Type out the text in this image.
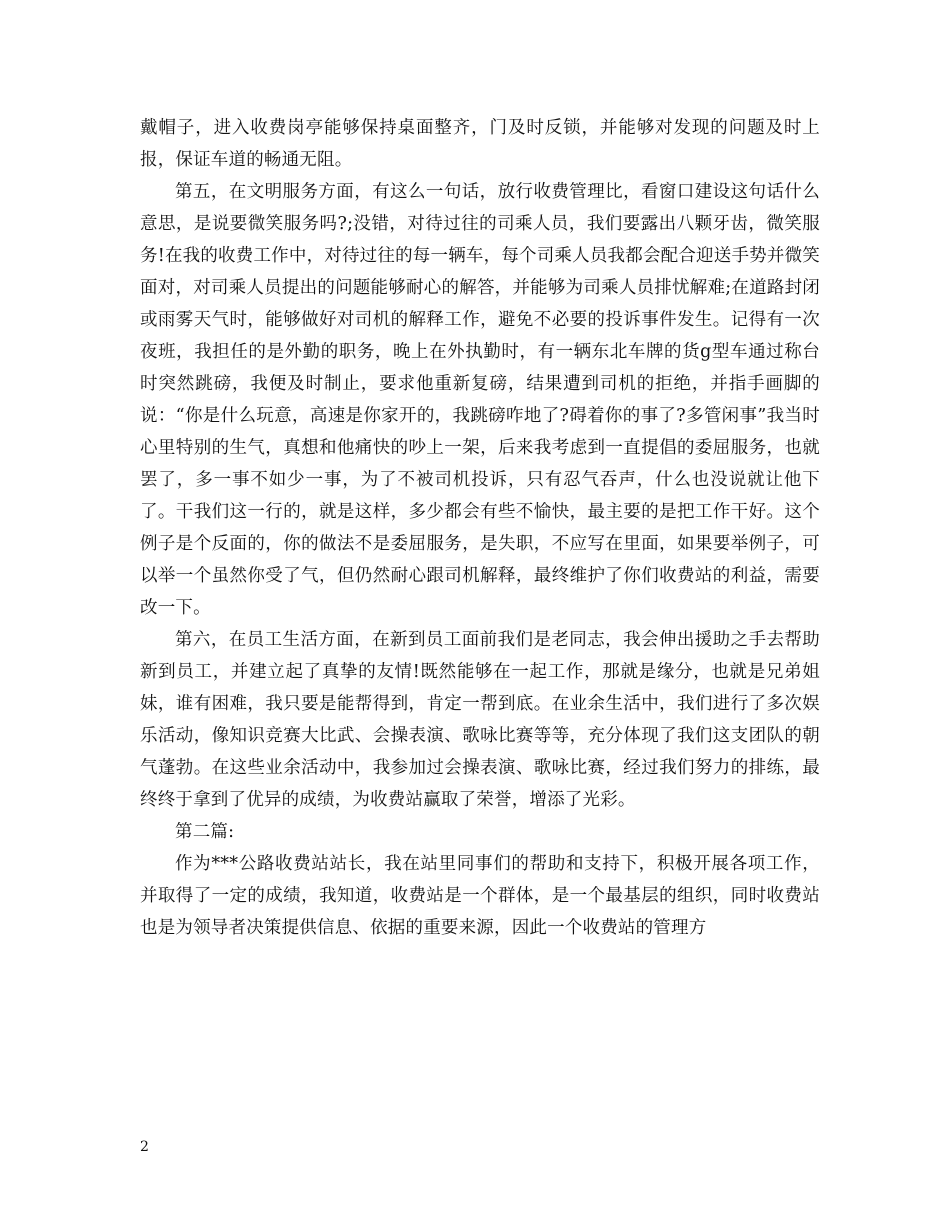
戴帽子，进入收费岗亭能够保持桌面整齐，门及时反锁，并能够对发现的问题及时上报，保证车道的畅通无阻。

第五，在文明服务方面，有这么一句话，放行收费管理比，看窗口建设这句话什么意思，是说要微笑服务吗?;没错，对待过往的司乘人员，我们要露出八颗牙齿，微笑服务!在我的收费工作中，对待过往的每一辆车，每个司乘人员我都会配合迎送手势并微笑面对，对司乘人员提出的问题能够耐心的解答，并能够为司乘人员排忧解难;在道路封闭或雨雾天气时，能够做好对司机的解释工作，避免不必要的投诉事件发生。记得有一次夜班，我担任的是外勤的职务，晚上在外执勤时，有一辆东北车牌的货g型车通过称台时突然跳磅，我便及时制止，要求他重新复磅，结果遭到司机的拒绝，并指手画脚的说：“你是什么玩意，高速是你家开的，我跳磅咋地了?碍着你的事了?多管闲事”我当时心里特别的生气，真想和他痛快的吵上一架，后来我考虑到一直提倡的委屈服务，也就罢了，多一事不如少一事，为了不被司机投诉，只有忍气吞声，什么也没说就让他下了。干我们这一行的，就是这样，多少都会有些不愉快，最主要的是把工作干好。这个例子是个反面的，你的做法不是委屈服务，是失职，不应写在里面，如果要举例子，可以举一个虽然你受了气，但仍然耐心跟司机解释，最终维护了你们收费站的利益，需要改一下。

第六，在员工生活方面，在新到员工面前我们是老同志，我会伸出援助之手去帮助新到员工，并建立起了真挚的友情!既然能够在一起工作，那就是缘分，也就是兄弟姐妹，谁有困难，我只要是能帮得到，肯定一帮到底。在业余生活中，我们进行了多次娱乐活动，像知识竞赛大比武、会操表演、歌咏比赛等等，充分体现了我们这支团队的朝气蓬勃。在这些业余活动中，我参加过会操表演、歌咏比赛，经过我们努力的排练，最终终于拿到了优异的成绩，为收费站赢取了荣誉，增添了光彩。

第二篇:

作为***公路收费站站长，我在站里同事们的帮助和支持下，积极开展各项工作，并取得了一定的成绩，我知道，收费站是一个群体，是一个最基层的组织，同时收费站也是为领导者决策提供信息、依据的重要来源，因此一个收费站的管理方

2
